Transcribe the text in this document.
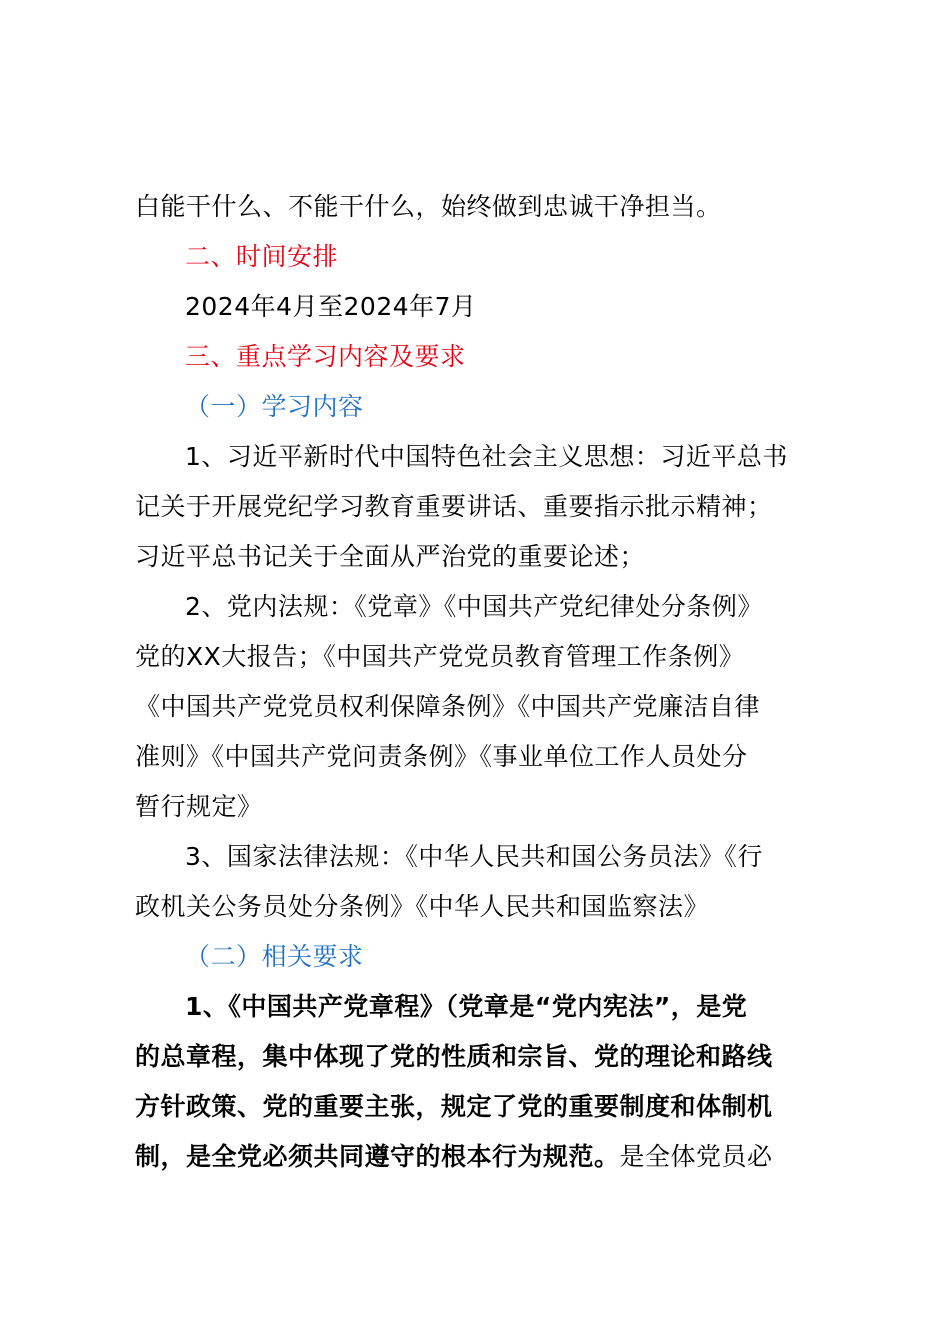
白能干什么、不能干什么，始终做到忠诚干净担当。
二、时间安排
2024年4月至2024年7月
三、重点学习内容及要求
（一）学习内容
1、习近平新时代中国特色社会主义思想：习近平总书
记关于开展党纪学习教育重要讲话、重要指示批示精神；
习近平总书记关于全面从严治党的重要论述；
2、党内法规：《党章》《中国共产党纪律处分条例》
党的XX大报告；《中国共产党党员教育管理工作条例》
《中国共产党党员权利保障条例》《中国共产党廉洁自律
准则》《中国共产党问责条例》《事业单位工作人员处分
暂行规定》
3、国家法律法规：《中华人民共和国公务员法》《行
政机关公务员处分条例》《中华人民共和国监察法》
（二）相关要求
1、《中国共产党章程》（党章是“党内宪法”，是党
的总章程，集中体现了党的性质和宗旨、党的理论和路线
方针政策、党的重要主张，规定了党的重要制度和体制机
制，是全党必须共同遵守的根本行为规范。是全体党员必
